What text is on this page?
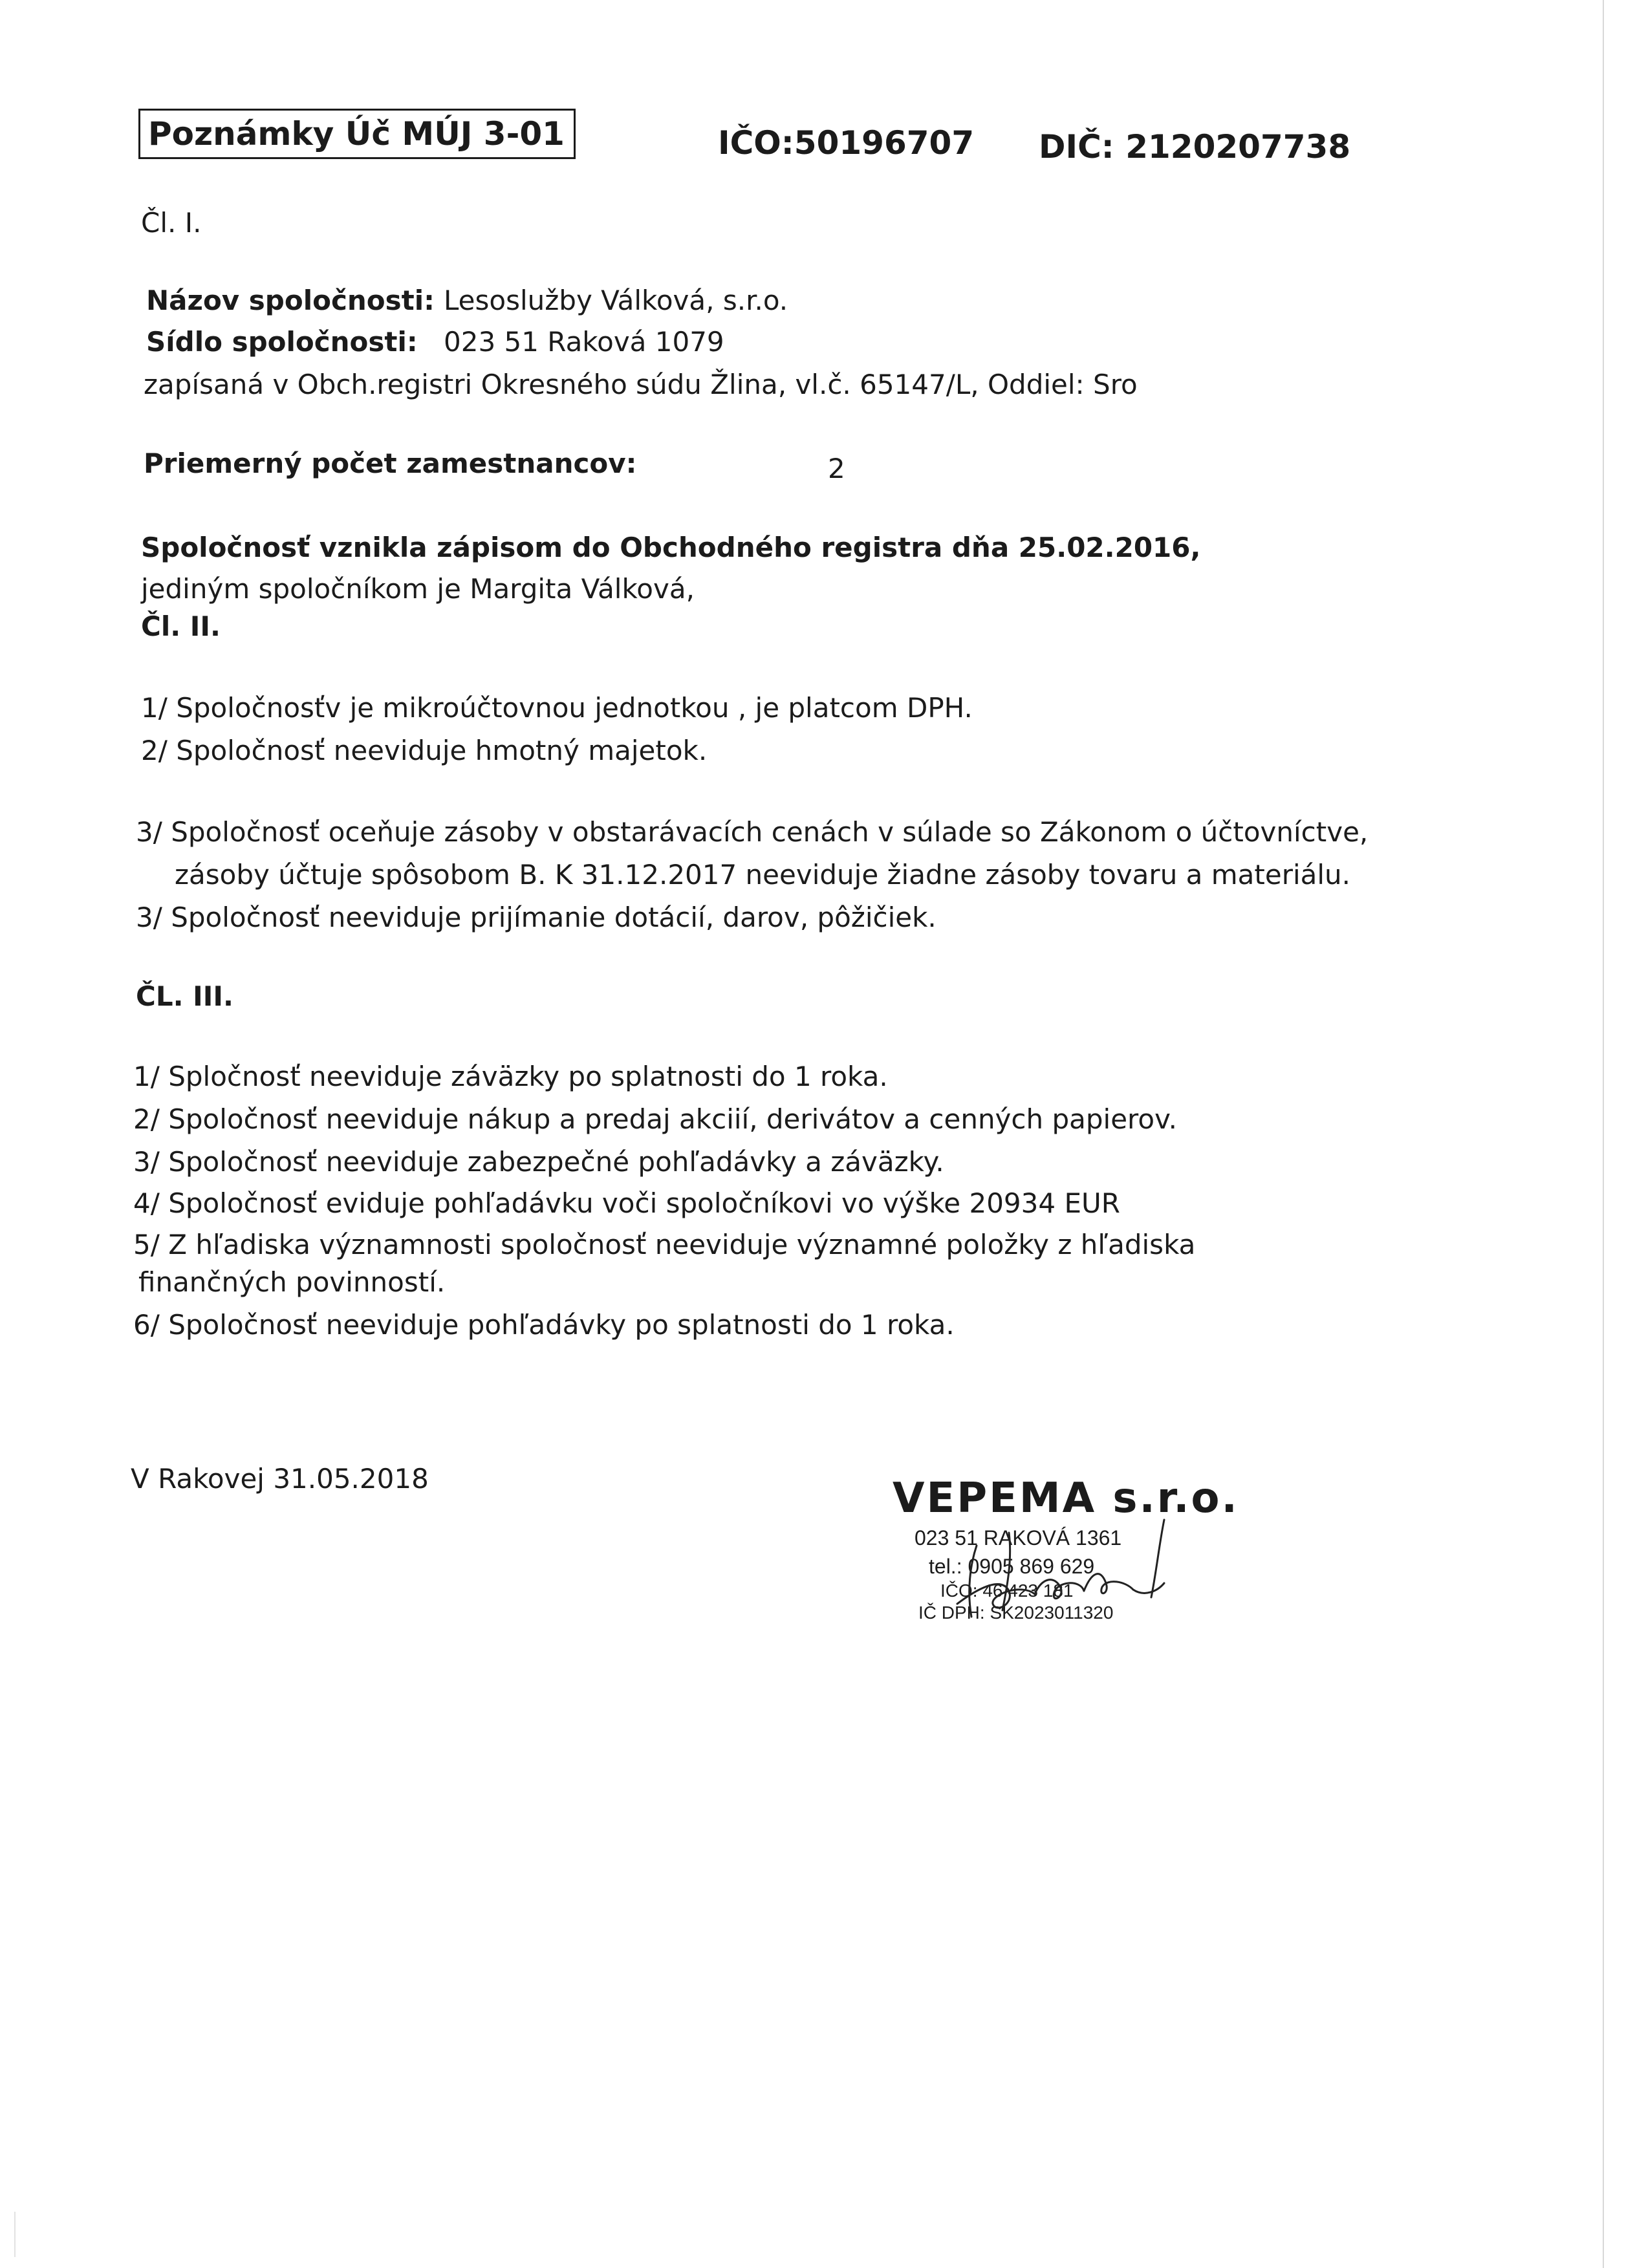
Poznámky Úč MÚJ 3-01	IČO:50196707 DIČ: 2120207738
Čl. I.
Názov spoločnosti: Lesoslužby Válková, s.r.o.
Sídlo spoločnosti: 023 51 Raková 1079
zapísaná v Obch.registri Okresného súdu Žlina, vl.č. 65147/L, Oddiel: Sro
Priemerný počet zamestnancov:	2
Spoločnosť vznikla zápisom do Obchodného registra dňa 25.02.2016,
jediným spoločníkom je Margita Válková,
Čl. II.
1/ Spoločnosťv je mikroúčtovnou jednotkou , je platcom DPH.
2/ Spoločnosť neeviduje hmotný majetok.
3/ Spoločnosť oceňuje zásoby v obstarávacích cenách v súlade so Zákonom o účtovníctve,
zásoby účtuje spôsobom B. K 31.12.2017 neeviduje žiadne zásoby tovaru a materiálu.
3/ Spoločnosť neeviduje prijímanie dotácií, darov, pôžičiek.
ČL. III.
1/ Spločnosť neeviduje záväzky po splatnosti do 1 roka.
2/ Spoločnosť neeviduje nákup a predaj akciií, derivátov a cenných papierov.
3/ Spoločnosť neeviduje zabezpečné pohľadávky a záväzky.
4/ Spoločnosť eviduje pohľadávku voči spoločníkovi vo výške 20934 EUR
5/ Z hľadiska významnosti spoločnosť neeviduje významné položky z hľadiska
finančných povinností.
6/ Spoločnosť neeviduje pohľadávky po splatnosti do 1 roka.
V Rakovej 31.05.2018	VEPEMA s.r.o.
023 51 RAKOVÁ 1361
tel.: 0905 869 629
IČO: 46 423 181
IČ DPH: SK2023011320
